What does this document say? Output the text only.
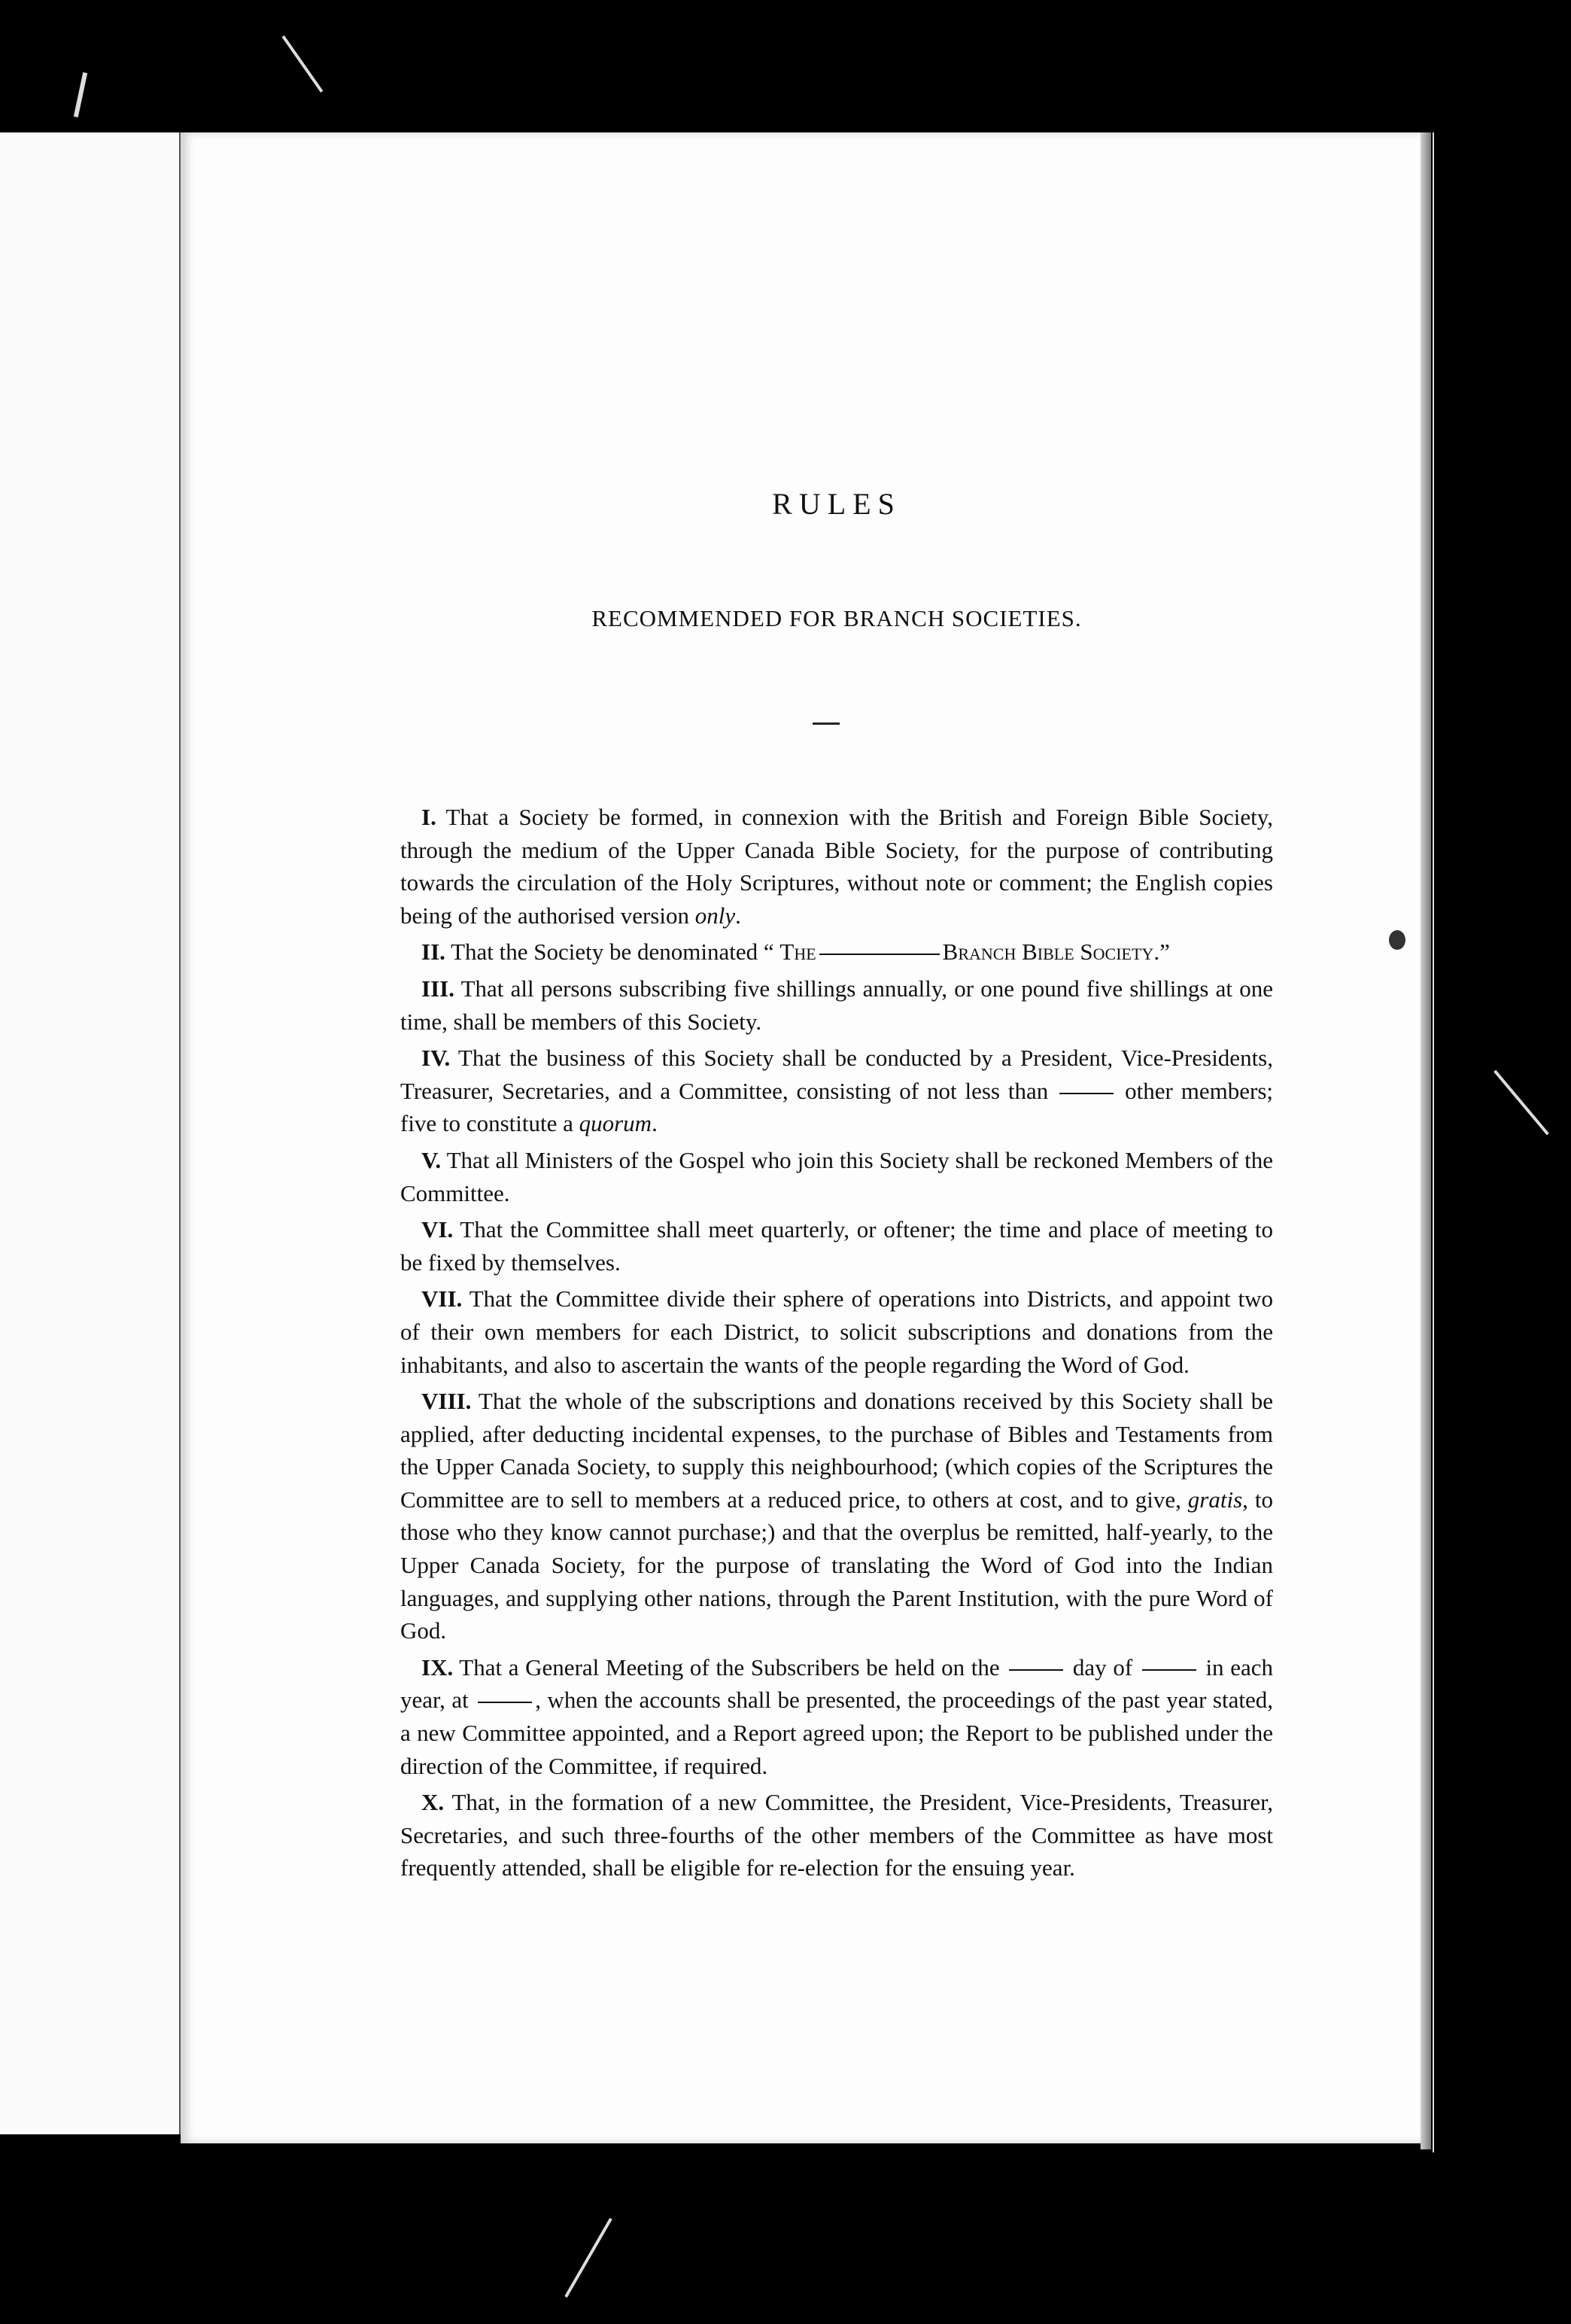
RULES
RECOMMENDED FOR BRANCH SOCIETIES.
I. That a Society be formed, in connexion with the British and Foreign Bible Society, through the medium of the Upper Canada Bible Society, for the purpose of contributing towards the circulation of the Holy Scriptures, without note or comment; the English copies being of the authorised version only.
II. That the Society be denominated “ The	Branch Bible Society.”
III. That all persons subscribing five shillings annually, or one pound five shillings at one time, shall be members of this Society.
IV. That the business of this Society shall be conducted by a President, Vice-Presidents, Treasurer, Secretaries, and a Committee, consisting of not less than	other members; five to constitute a quorum.
V. That all Ministers of the Gospel who join this Society shall be reckoned Members of the Committee.
VI. That the Committee shall meet quarterly, or oftener; the time and place of meeting to be fixed by themselves.
VII. That the Committee divide their sphere of operations into Districts, and appoint two of their own members for each District, to solicit subscriptions and donations from the inhabitants, and also to ascertain the wants of the people regarding the Word of God.
VIII. That the whole of the subscriptions and donations received by this Society shall be applied, after deducting incidental expenses, to the purchase of Bibles and Testaments from the Upper Canada Society, to supply this neighbourhood; (which copies of the Scriptures the Committee are to sell to members at a reduced price, to others at cost, and to give, gratis, to those who they know cannot purchase;) and that the overplus be remitted, half-yearly, to the Upper Canada Society, for the purpose of translating the Word of God into the Indian languages, and supplying other nations, through the Parent Institution, with the pure Word of God.
IX. That a General Meeting of the Subscribers be held on the	day of	in each year, at	, when the accounts shall be presented, the proceedings of the past year stated, a new Committee appointed, and a Report agreed upon; the Report to be published under the direction of the Committee, if required.
X. That, in the formation of a new Committee, the President, Vice-Presidents, Treasurer, Secretaries, and such three-fourths of the other members of the Committee as have most frequently attended, shall be eligible for re-election for the ensuing year.
